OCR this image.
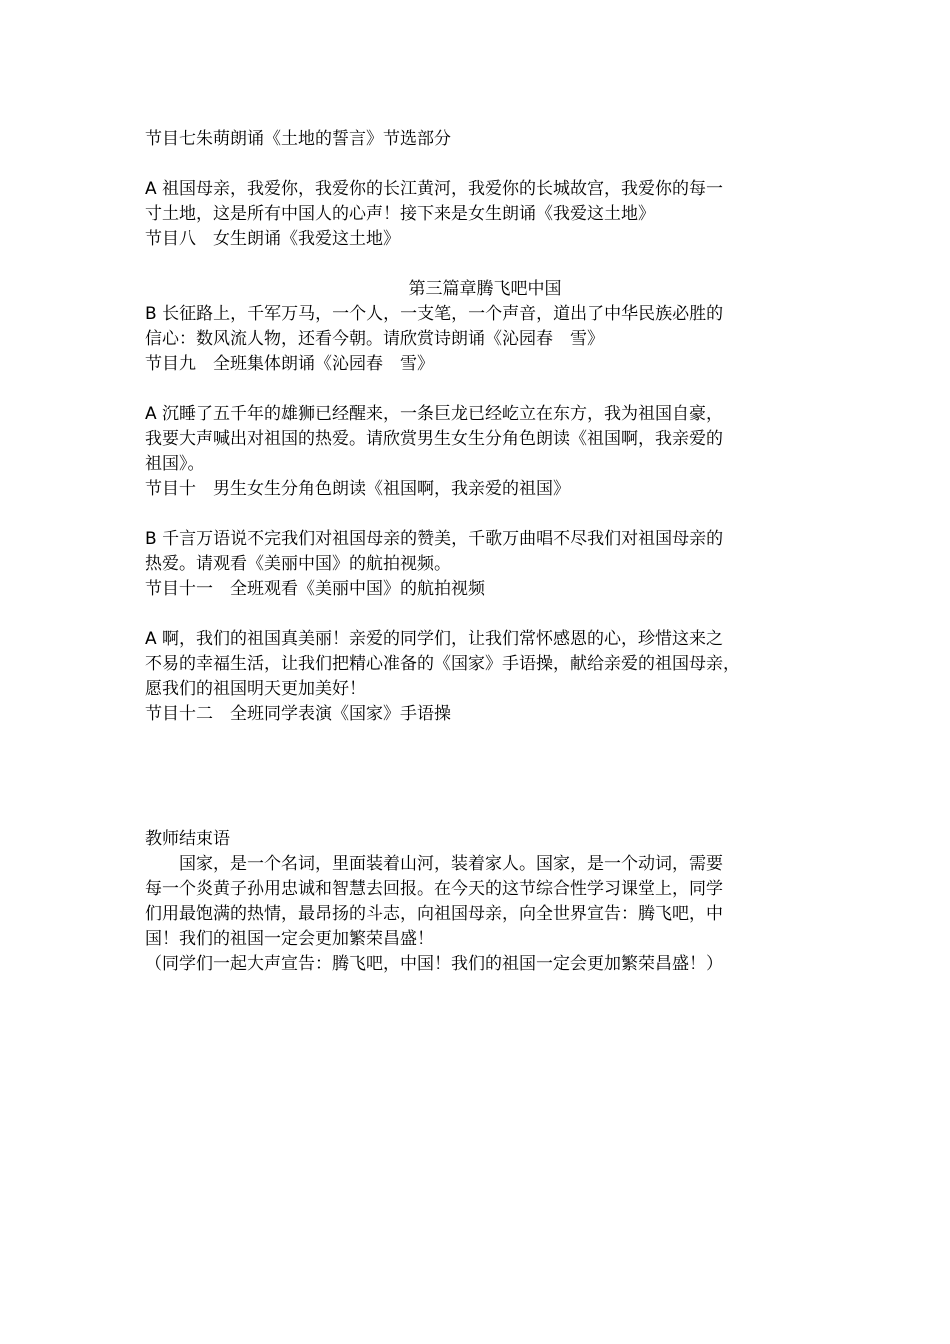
节目七朱萌朗诵《土地的誓言》节选部分
A 祖国母亲，我爱你，我爱你的长江黄河，我爱你的长城故宫，我爱你的每一
寸土地，这是所有中国人的心声！接下来是女生朗诵《我爱这土地》
节目八　女生朗诵《我爱这土地》
第三篇章腾飞吧中国
B 长征路上，千军万马，一个人，一支笔，一个声音，道出了中华民族必胜的
信心：数风流人物，还看今朝。请欣赏诗朗诵《沁园春　雪》
节目九　全班集体朗诵《沁园春　雪》
A 沉睡了五千年的雄狮已经醒来，一条巨龙已经屹立在东方，我为祖国自豪，
我要大声喊出对祖国的热爱。请欣赏男生女生分角色朗读《祖国啊，我亲爱的
祖国》。
节目十　男生女生分角色朗读《祖国啊，我亲爱的祖国》
B 千言万语说不完我们对祖国母亲的赞美，千歌万曲唱不尽我们对祖国母亲的
热爱。请观看《美丽中国》的航拍视频。
节目十一　全班观看《美丽中国》的航拍视频
A 啊，我们的祖国真美丽！亲爱的同学们，让我们常怀感恩的心，珍惜这来之
不易的幸福生活，让我们把精心准备的《国家》手语操，献给亲爱的祖国母亲，
愿我们的祖国明天更加美好！
节目十二　全班同学表演《国家》手语操
教师结束语
国家，是一个名词，里面装着山河，装着家人。国家，是一个动词，需要
每一个炎黄子孙用忠诚和智慧去回报。在今天的这节综合性学习课堂上，同学
们用最饱满的热情，最昂扬的斗志，向祖国母亲，向全世界宣告：腾飞吧，中
国！我们的祖国一定会更加繁荣昌盛！
（同学们一起大声宣告：腾飞吧，中国！我们的祖国一定会更加繁荣昌盛！）
